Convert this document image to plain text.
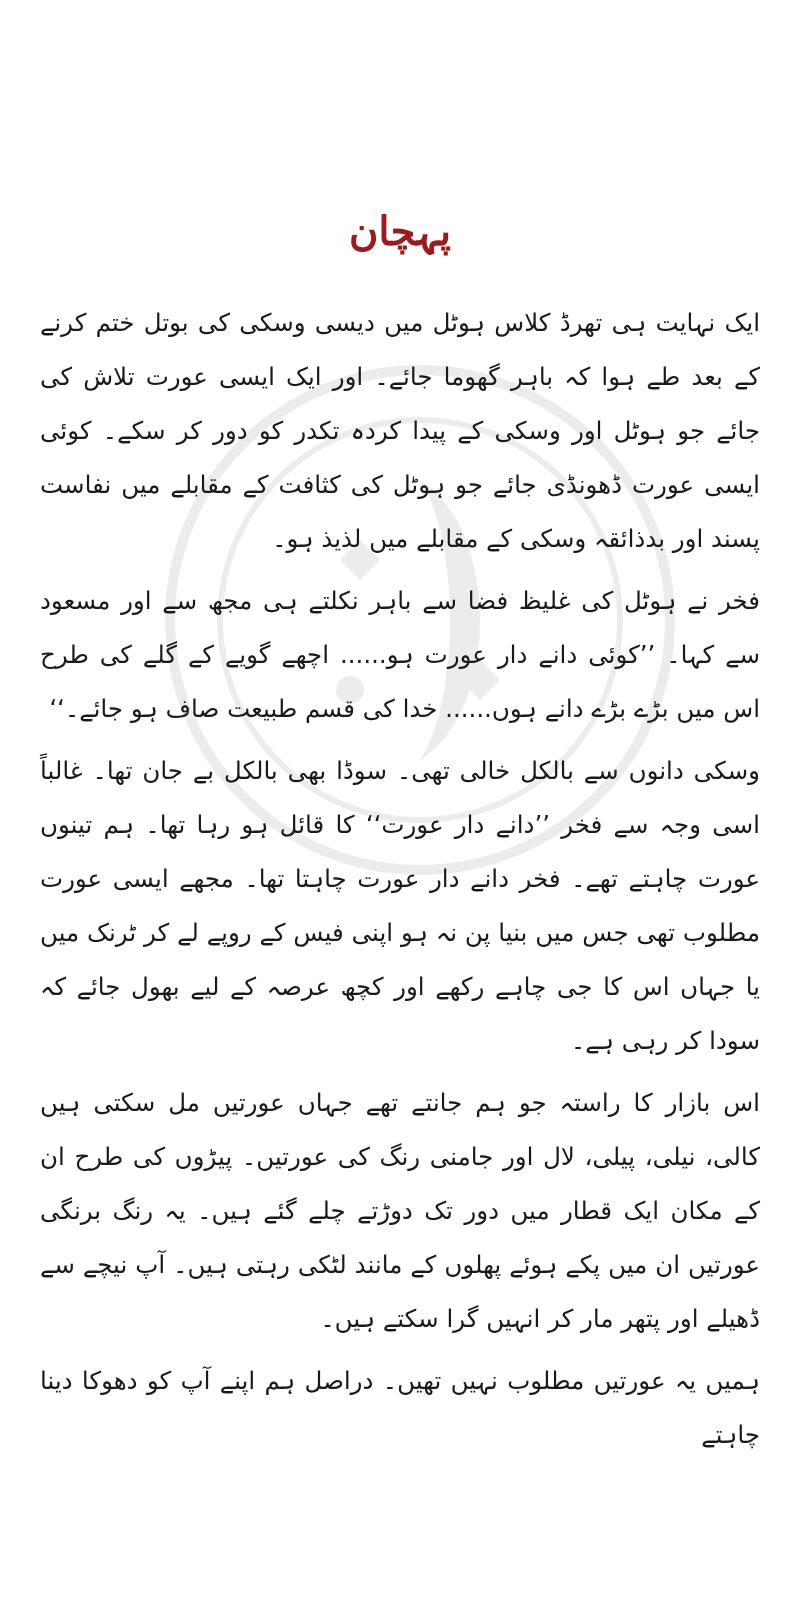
پہچان

ایک نہایت ہی تھرڈ کلاس ہوٹل میں دیسی وسکی کی بوتل ختم کرنے کے بعد طے ہوا کہ باہر گھوما جائے۔ اور ایک ایسی عورت تلاش کی جائے جو ہوٹل اور وسکی کے پیدا کردہ تکدر کو دور کر سکے۔ کوئی ایسی عورت ڈھونڈی جائے جو ہوٹل کی کثافت کے مقابلے میں نفاست پسند اور بدذائقہ وسکی کے مقابلے میں لذیذ ہو۔

فخر نے ہوٹل کی غلیظ فضا سے باہر نکلتے ہی مجھ سے اور مسعود سے کہا۔ ’’کوئی دانے دار عورت ہو...... اچھے گویے کے گلے کی طرح اس میں بڑے بڑے دانے ہوں...... خدا کی قسم طبیعت صاف ہو جائے۔‘‘

وسکی دانوں سے بالکل خالی تھی۔ سوڈا بھی بالکل بے جان تھا۔ غالباً اسی وجہ سے فخر ’’دانے دار عورت‘‘ کا قائل ہو رہا تھا۔ ہم تینوں عورت چاہتے تھے۔ فخر دانے دار عورت چاہتا تھا۔ مجھے ایسی عورت مطلوب تھی جس میں بنیا پن نہ ہو اپنی فیس کے روپے لے کر ٹرنک میں یا جہاں اس کا جی چاہے رکھے اور کچھ عرصہ کے لیے بھول جائے کہ سودا کر رہی ہے۔

اس بازار کا راستہ جو ہم جانتے تھے جہاں عورتیں مل سکتی ہیں کالی، نیلی، پیلی، لال اور جامنی رنگ کی عورتیں۔ پیڑوں کی طرح ان کے مکان ایک قطار میں دور تک دوڑتے چلے گئے ہیں۔ یہ رنگ برنگی عورتیں ان میں پکے ہوئے پھلوں کے مانند لٹکی رہتی ہیں۔ آپ نیچے سے ڈھیلے اور پتھر مار کر انہیں گرا سکتے ہیں۔

ہمیں یہ عورتیں مطلوب نہیں تھیں۔ دراصل ہم اپنے آپ کو دھوکا دینا چاہتے
